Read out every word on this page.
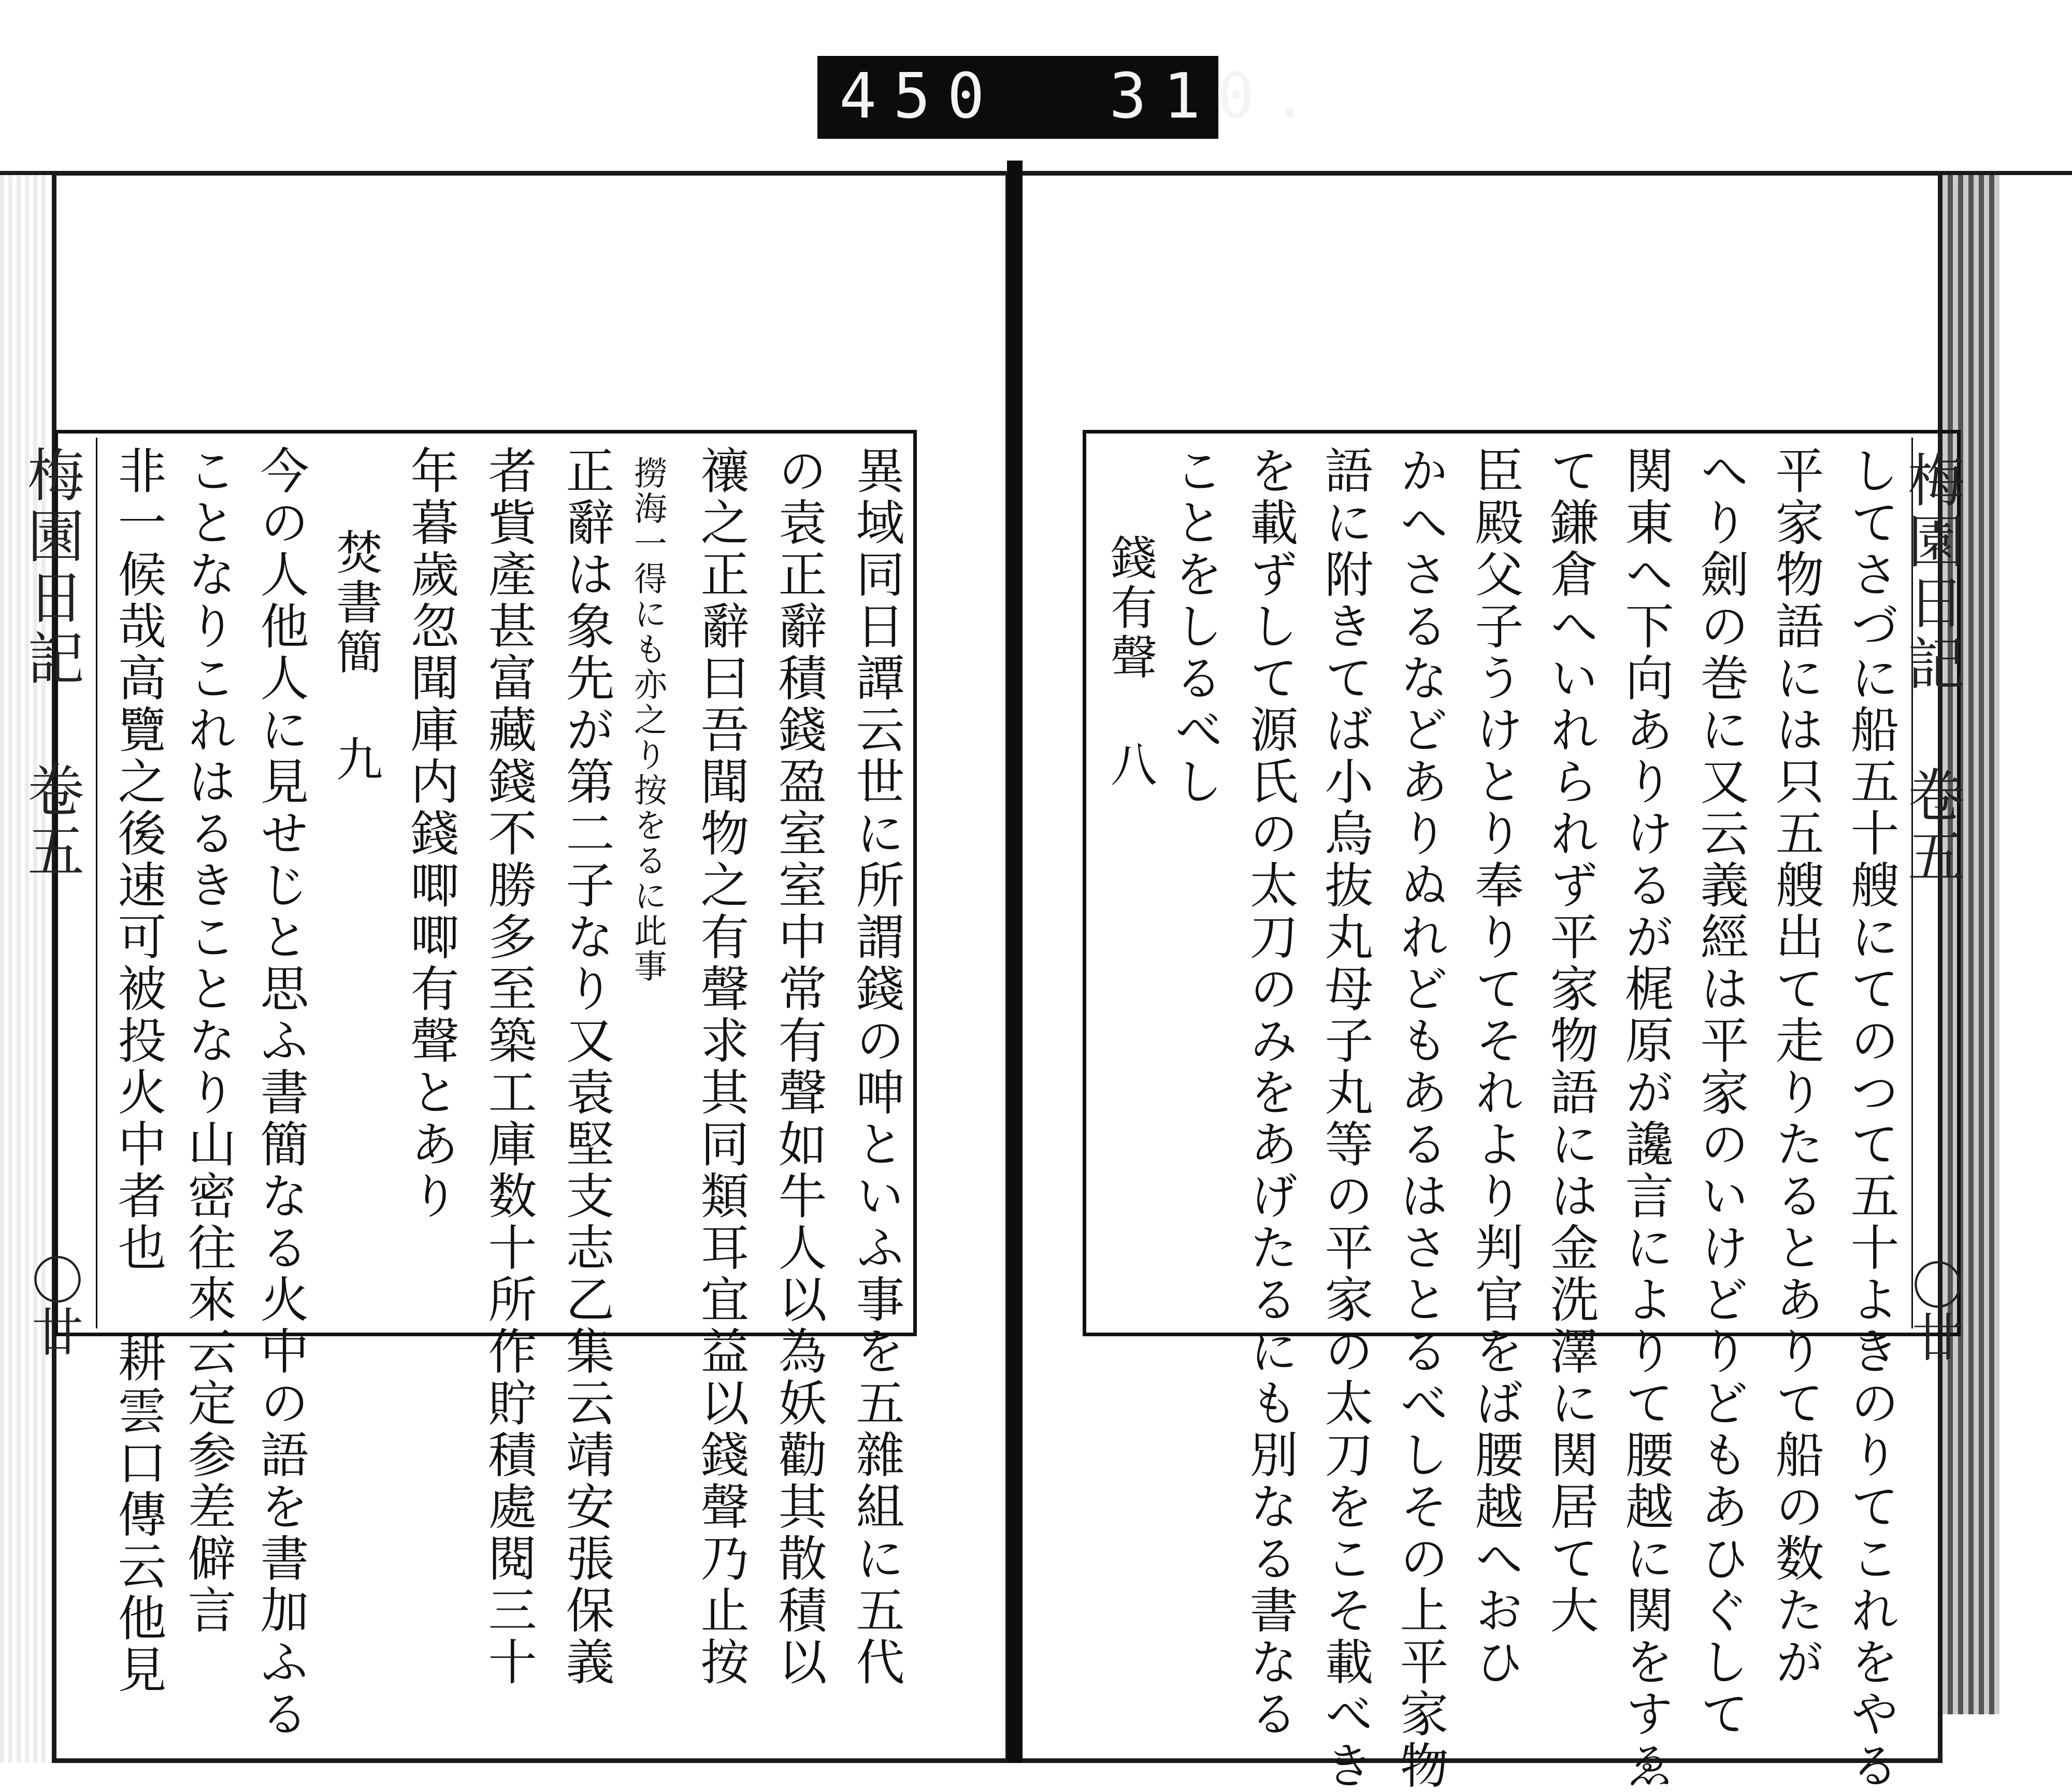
450  310.
梅園日記 卷五
〇廿	異域同日譚云世に所謂錢の呻といふ事を五雜組に五代
の袁正辭積錢盈室室中常有聲如牛人以為妖勸其散積以
禳之正辭曰吾聞物之有聲求其同類耳宜益以錢聲乃止按
撈海一得にも亦之り按をるに此事
正辭は象先が第二子なり又袁堅支志乙集云靖安張保義
者貲產甚富藏錢不勝多至築工庫数十所作貯積處閱三十
年暮歲忽聞庫内錢唧唧有聲とあり
焚書簡 九
今の人他人に見せじと思ふ書簡なる火中の語を書加ふる
ことなりこれはるきことなり山密往來云定参差僻言
非一候哉高覽之後速可被投火中者也 耕雲口傳云他見	梅園日記 卷五
〇廿
してさづに船五十艘にてのつて五十よきのりてこれをやる
平家物語には只五艘出て走りたるとありて船の数たが
へり劍の巻に又云義經は平家のいけどりどもあひぐして
関東へ下向ありけるが梶原が讒言によりて腰越に関をすゑ
て鎌倉へいれられず平家物語には金洗澤に関居て大
臣殿父子うけとり奉りてそれより判官をば腰越へおひ
かへさるなどありぬれどもあるはさとるべしその上平家物
語に附きてば小烏抜丸母子丸等の平家の太刀をこそ載べき
を載ずして源氏の太刀のみをあげたるにも別なる書なる
ことをしるべし
錢有聲 八
